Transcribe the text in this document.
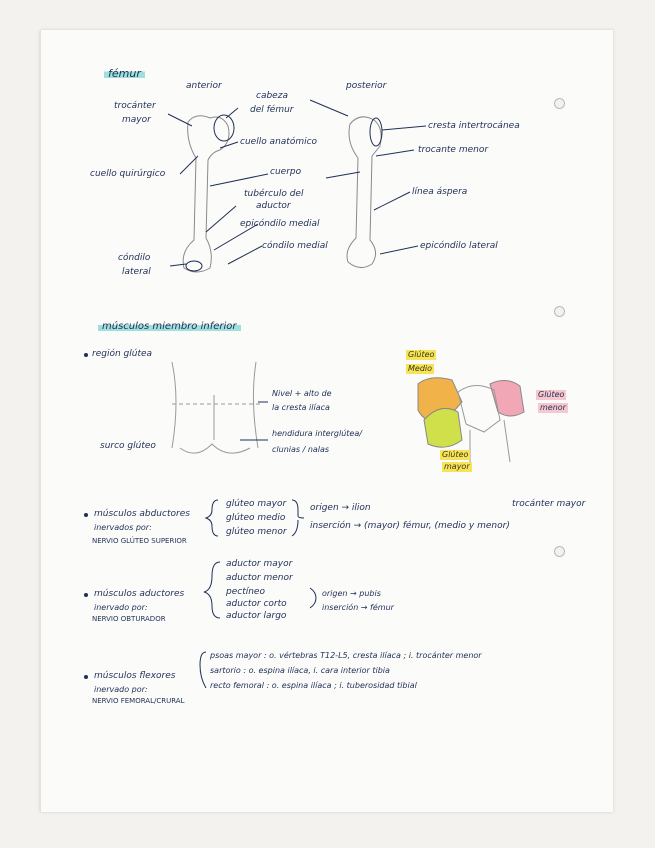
fémur
anterior	posterior
trocánter
mayor
cabeza
del fémur
cuello anatómico
cuello quirúrgico	cuerpo
tubérculo del
aductor
epicóndilo medial
cóndilo medial
cóndilo
lateral
cresta intertrocánea
trocante menor
línea áspera
epicóndilo lateral
músculos miembro inferior
región glútea
Nivel + alto de
la cresta ilíaca
hendidura interglútea/
clunias / nalas
surco glúteo
Glúteo
Medio
Glúteo
menor
Glúteo
mayor
músculos abductores
inervados por:
NERVIO GLÚTEO SUPERIOR
glúteo mayor
glúteo medio
glúteo menor
origen → ilion
inserción → (mayor) fémur, (medio y menor)
trocánter mayor
músculos aductores
inervado por:
NERVIO OBTURADOR
aductor mayor
aductor menor
pectíneo
aductor corto
aductor largo
origen → pubis
inserción → fémur
músculos flexores
inervado por:
NERVIO FEMORAL/CRURAL
psoas mayor : o. vértebras T12-L5, cresta ilíaca ; i. trocánter menor
sartorio : o. espina ilíaca, i. cara interior tibia
recto femoral : o. espina ilíaca ; i. tuberosidad tibial
